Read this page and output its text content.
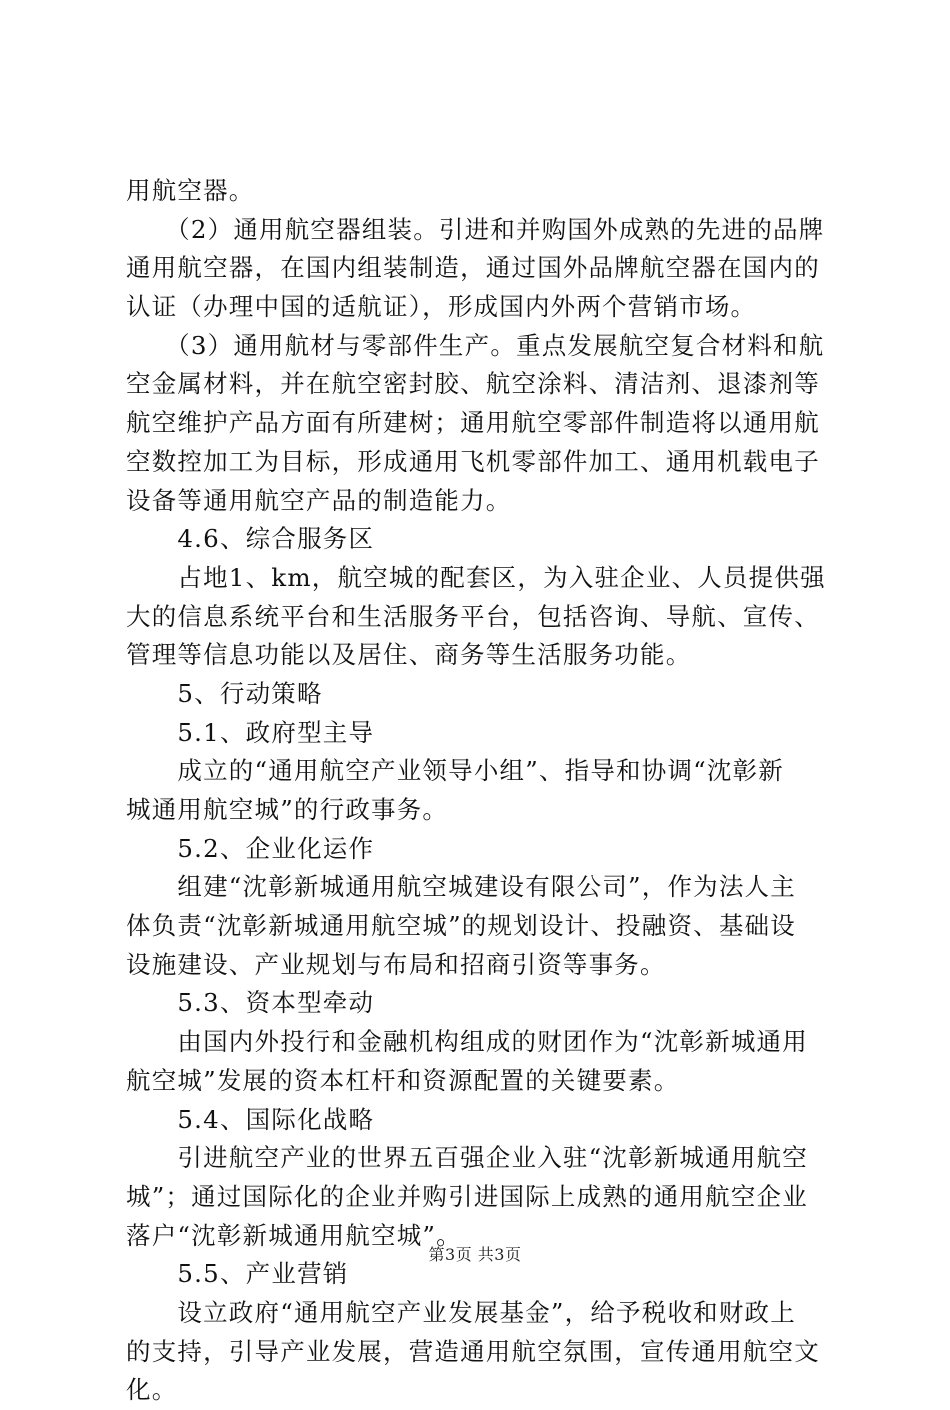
用航空器。
　　（2）通用航空器组装。引进和并购国外成熟的先进的品牌
通用航空器，在国内组装制造，通过国外品牌航空器在国内的
认证（办理中国的适航证），形成国内外两个营销市场。
　　（3）通用航材与零部件生产。重点发展航空复合材料和航
空金属材料，并在航空密封胶、航空涂料、清洁剂、退漆剂等
航空维护产品方面有所建树；通用航空零部件制造将以通用航
空数控加工为目标，形成通用飞机零部件加工、通用机载电子
设备等通用航空产品的制造能力。
　　4.6、综合服务区
　　占地1、km，航空城的配套区，为入驻企业、人员提供强
大的信息系统平台和生活服务平台，包括咨询、导航、宣传、
管理等信息功能以及居住、商务等生活服务功能。
　　5、行动策略
　　5.1、政府型主导
　　成立的“通用航空产业领导小组”、指导和协调“沈彰新
城通用航空城”的行政事务。
　　5.2、企业化运作
　　组建“沈彰新城通用航空城建设有限公司”，作为法人主
体负责“沈彰新城通用航空城”的规划设计、投融资、基础设
设施建设、产业规划与布局和招商引资等事务。
　　5.3、资本型牵动
　　由国内外投行和金融机构组成的财团作为“沈彰新城通用
航空城”发展的资本杠杆和资源配置的关键要素。
　　5.4、国际化战略
　　引进航空产业的世界五百强企业入驻“沈彰新城通用航空
城”；通过国际化的企业并购引进国际上成熟的通用航空企业
落户“沈彰新城通用航空城”。
　　5.5、产业营销
　　设立政府“通用航空产业发展基金”，给予税收和财政上
的支持，引导产业发展，营造通用航空氛围，宣传通用航空文
化。
第3页 共3页
